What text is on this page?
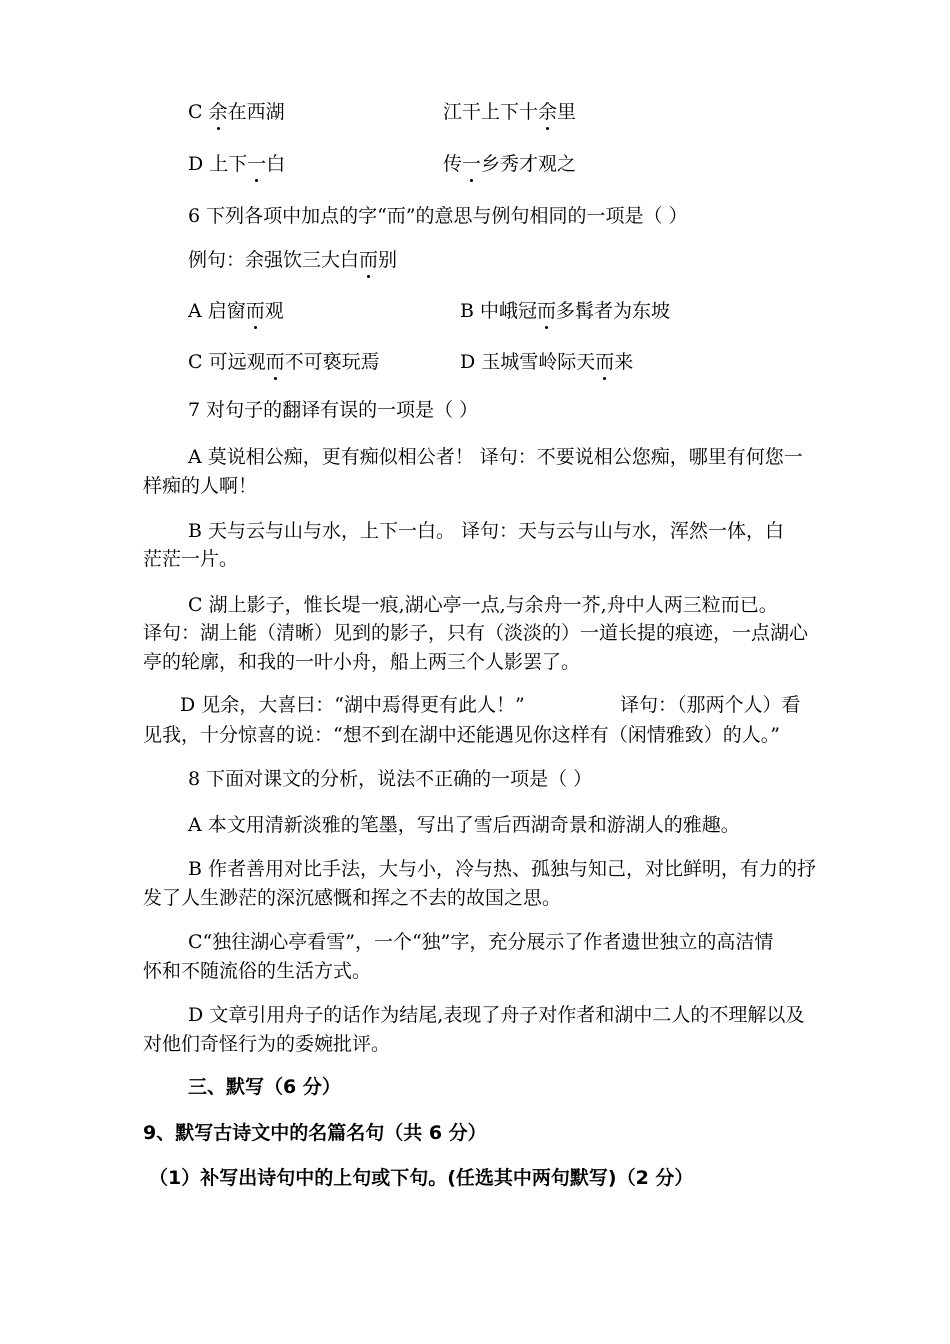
C 余在西湖	江干上下十余里
D 上下一白	传一乡秀才观之
6 下列各项中加点的字“而”的意思与例句相同的一项是（ ）
例句：余强饮三大白而别
A 启窗而观	B 中峨冠而多髯者为东坡
C 可远观而不可亵玩焉	D 玉城雪岭际天而来
7 对句子的翻译有误的一项是（ ）
A 莫说相公痴，更有痴似相公者！ 译句：不要说相公您痴，哪里有何您一
样痴的人啊！
B 天与云与山与水，上下一白。 译句：天与云与山与水，浑然一体，白
茫茫一片。
C 湖上影子，惟长堤一痕,湖心亭一点,与余舟一芥,舟中人两三粒而已。
译句：湖上能（清晰）见到的影子，只有（淡淡的）一道长提的痕迹，一点湖心
亭的轮廓，和我的一叶小舟，船上两三个人影罢了。
D 见余，大喜曰：“湖中焉得更有此人！”	译句：（那两个人）看
见我，十分惊喜的说：“想不到在湖中还能遇见你这样有（闲情雅致）的人。”
8 下面对课文的分析，说法不正确的一项是（ ）
A 本文用清新淡雅的笔墨，写出了雪后西湖奇景和游湖人的雅趣。
B 作者善用对比手法，大与小，冷与热、孤独与知己，对比鲜明，有力的抒
发了人生渺茫的深沉感慨和挥之不去的故国之思。
C“独往湖心亭看雪”，一个“独”字，充分展示了作者遗世独立的高洁情
怀和不随流俗的生活方式。
D 文章引用舟子的话作为结尾,表现了舟子对作者和湖中二人的不理解以及
对他们奇怪行为的委婉批评。
三、默写（6 分）
9、默写古诗文中的名篇名句（共 6 分）
（1）补写出诗句中的上句或下句。(任选其中两句默写)（2 分）
